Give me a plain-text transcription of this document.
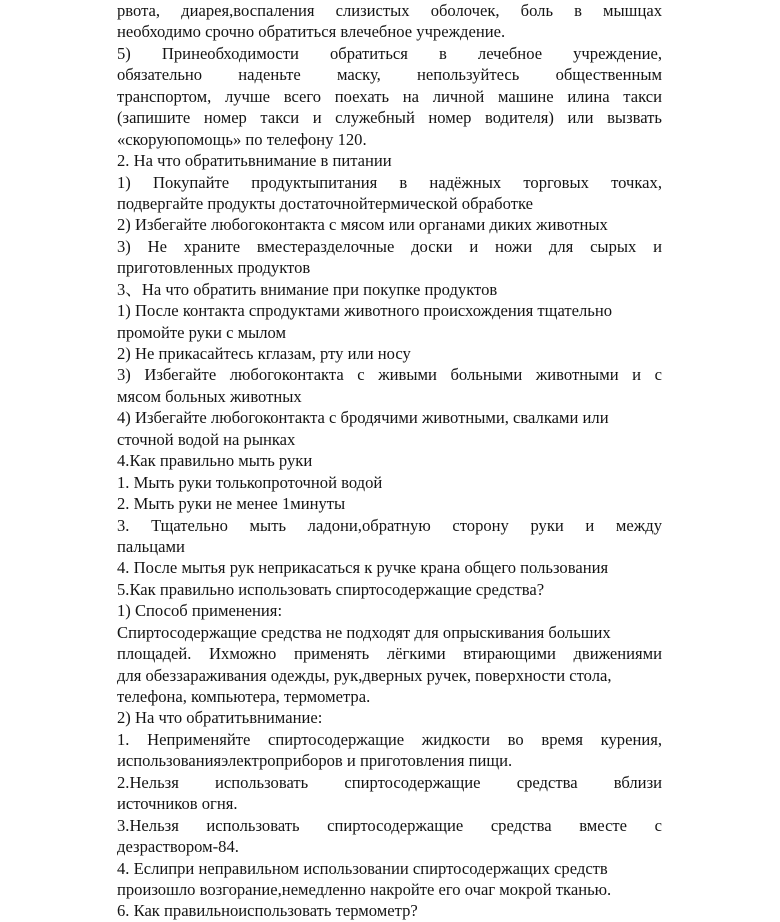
рвота, диарея,воспаления слизистых оболочек, боль в мышцах
необходимо срочно обратиться влечебное учреждение.
5) Принеобходимости обратиться в лечебное учреждение,
обязательно наденьте маску, непользуйтесь общественным
транспортом, лучше всего поехать на личной машине илина такси
(запишите номер такси и служебный номер водителя) или вызвать
«скоруюпомощь» по телефону 120.
2. На что обратитьвнимание в питании
1) Покупайте продуктыпитания в надёжных торговых точках,
подвергайте продукты достаточнойтермической обработке
2) Избегайте любогоконтакта с мясом или органами диких животных
3) Не храните вместеразделочные доски и ножи для сырых и
приготовленных продуктов
3、На что обратить внимание при покупке продуктов
1) После контакта спродуктами животного происхождения тщательно
промойте руки с мылом
2) Не прикасайтесь кглазам, рту или носу
3) Избегайте любогоконтакта с живыми больными животными и с
мясом больных животных
4) Избегайте любогоконтакта с бродячими животными, свалками или
сточной водой на рынках
4.Как правильно мыть руки
1. Мыть руки толькопроточной водой
2. Мыть руки не менее 1минуты
3. Тщательно мыть ладони,обратную сторону руки и между
пальцами
4. После мытья рук неприкасаться к ручке крана общего пользования
5.Как правильно использовать спиртосодержащие средства?
1) Способ применения:
Спиртосодержащие средства не подходят для опрыскивания больших
площадей. Ихможно применять лёгкими втирающими движениями
для обеззараживания одежды, рук,дверных ручек, поверхности стола,
телефона, компьютера, термометра.
2) На что обратитьвнимание:
1. Неприменяйте спиртосодержащие жидкости во время курения,
использованияэлектроприборов и приготовления пищи.
2.Нельзя использовать спиртосодержащие средства вблизи
источников огня.
3.Нельзя использовать спиртосодержащие средства вместе с
дезраствором-84.
4. Еслипри неправильном использовании спиртосодержащих средств
произошло возгорание,немедленно накройте его очаг мокрой тканью.
6. Как правильноиспользовать термометр?
